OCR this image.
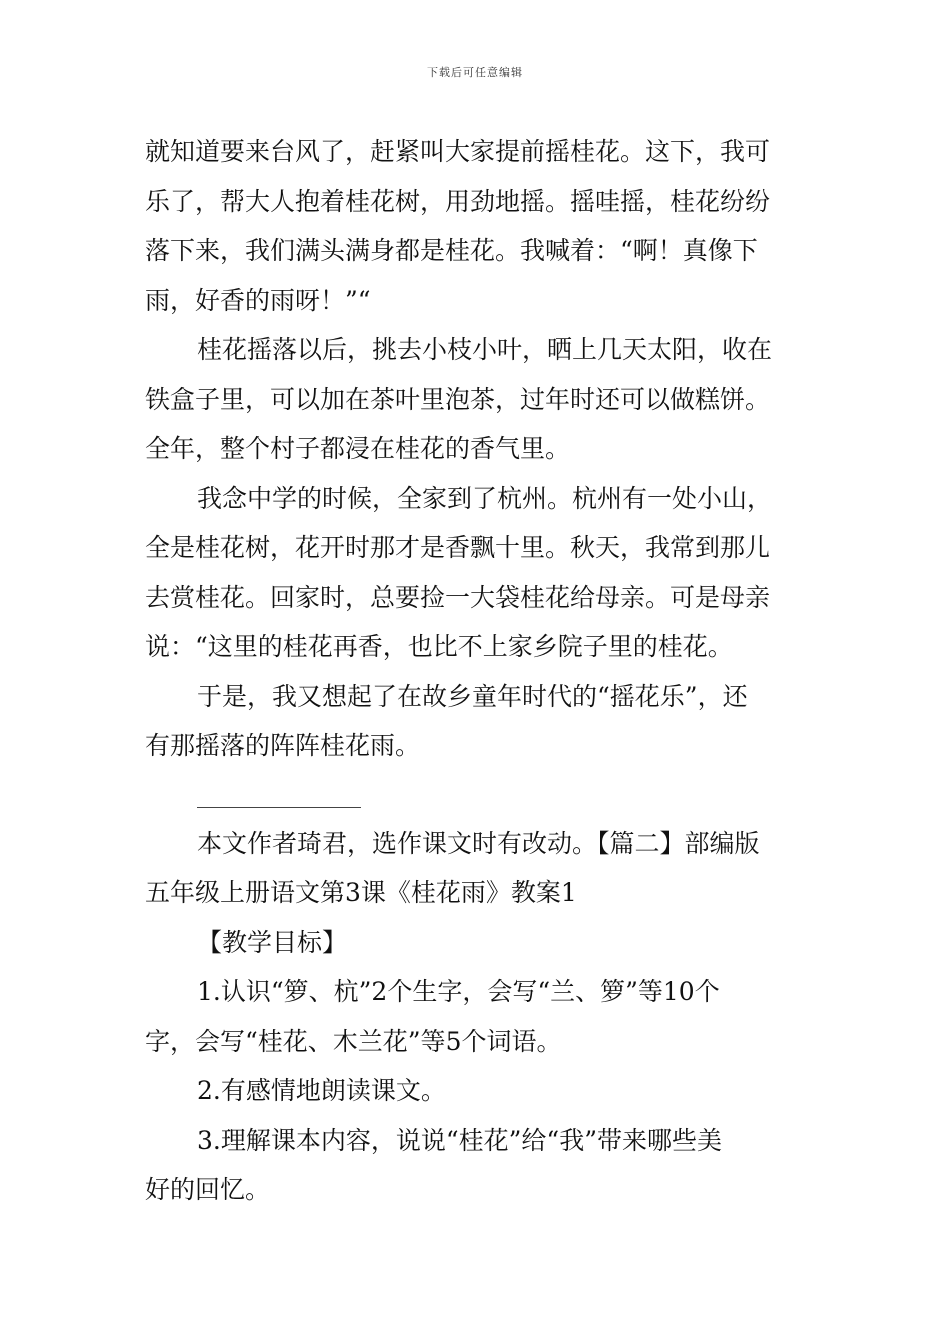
下载后可任意编辑
就知道要来台风了，赶紧叫大家提前摇桂花。这下，我可
乐了，帮大人抱着桂花树，用劲地摇。摇哇摇，桂花纷纷
落下来，我们满头满身都是桂花。我喊着：“啊！真像下
雨，好香的雨呀！”“
桂花摇落以后，挑去小枝小叶，晒上几天太阳，收在
铁盒子里，可以加在茶叶里泡茶，过年时还可以做糕饼。
全年，整个村子都浸在桂花的香气里。
我念中学的时候，全家到了杭州。杭州有一处小山，
全是桂花树，花开时那才是香飘十里。秋天，我常到那儿
去赏桂花。回家时，总要捡一大袋桂花给母亲。可是母亲
说：“这里的桂花再香，也比不上家乡院子里的桂花。
于是，我又想起了在故乡童年时代的“摇花乐”，还
有那摇落的阵阵桂花雨。
本文作者琦君，选作课文时有改动。【篇二】部编版
五年级上册语文第3课《桂花雨》教案1
【教学目标】
1.认识“箩、杭”2个生字，会写“兰、箩”等10个
字，会写“桂花、木兰花”等5个词语。
2.有感情地朗读课文。
3.理解课本内容，说说“桂花”给“我”带来哪些美
好的回忆。
